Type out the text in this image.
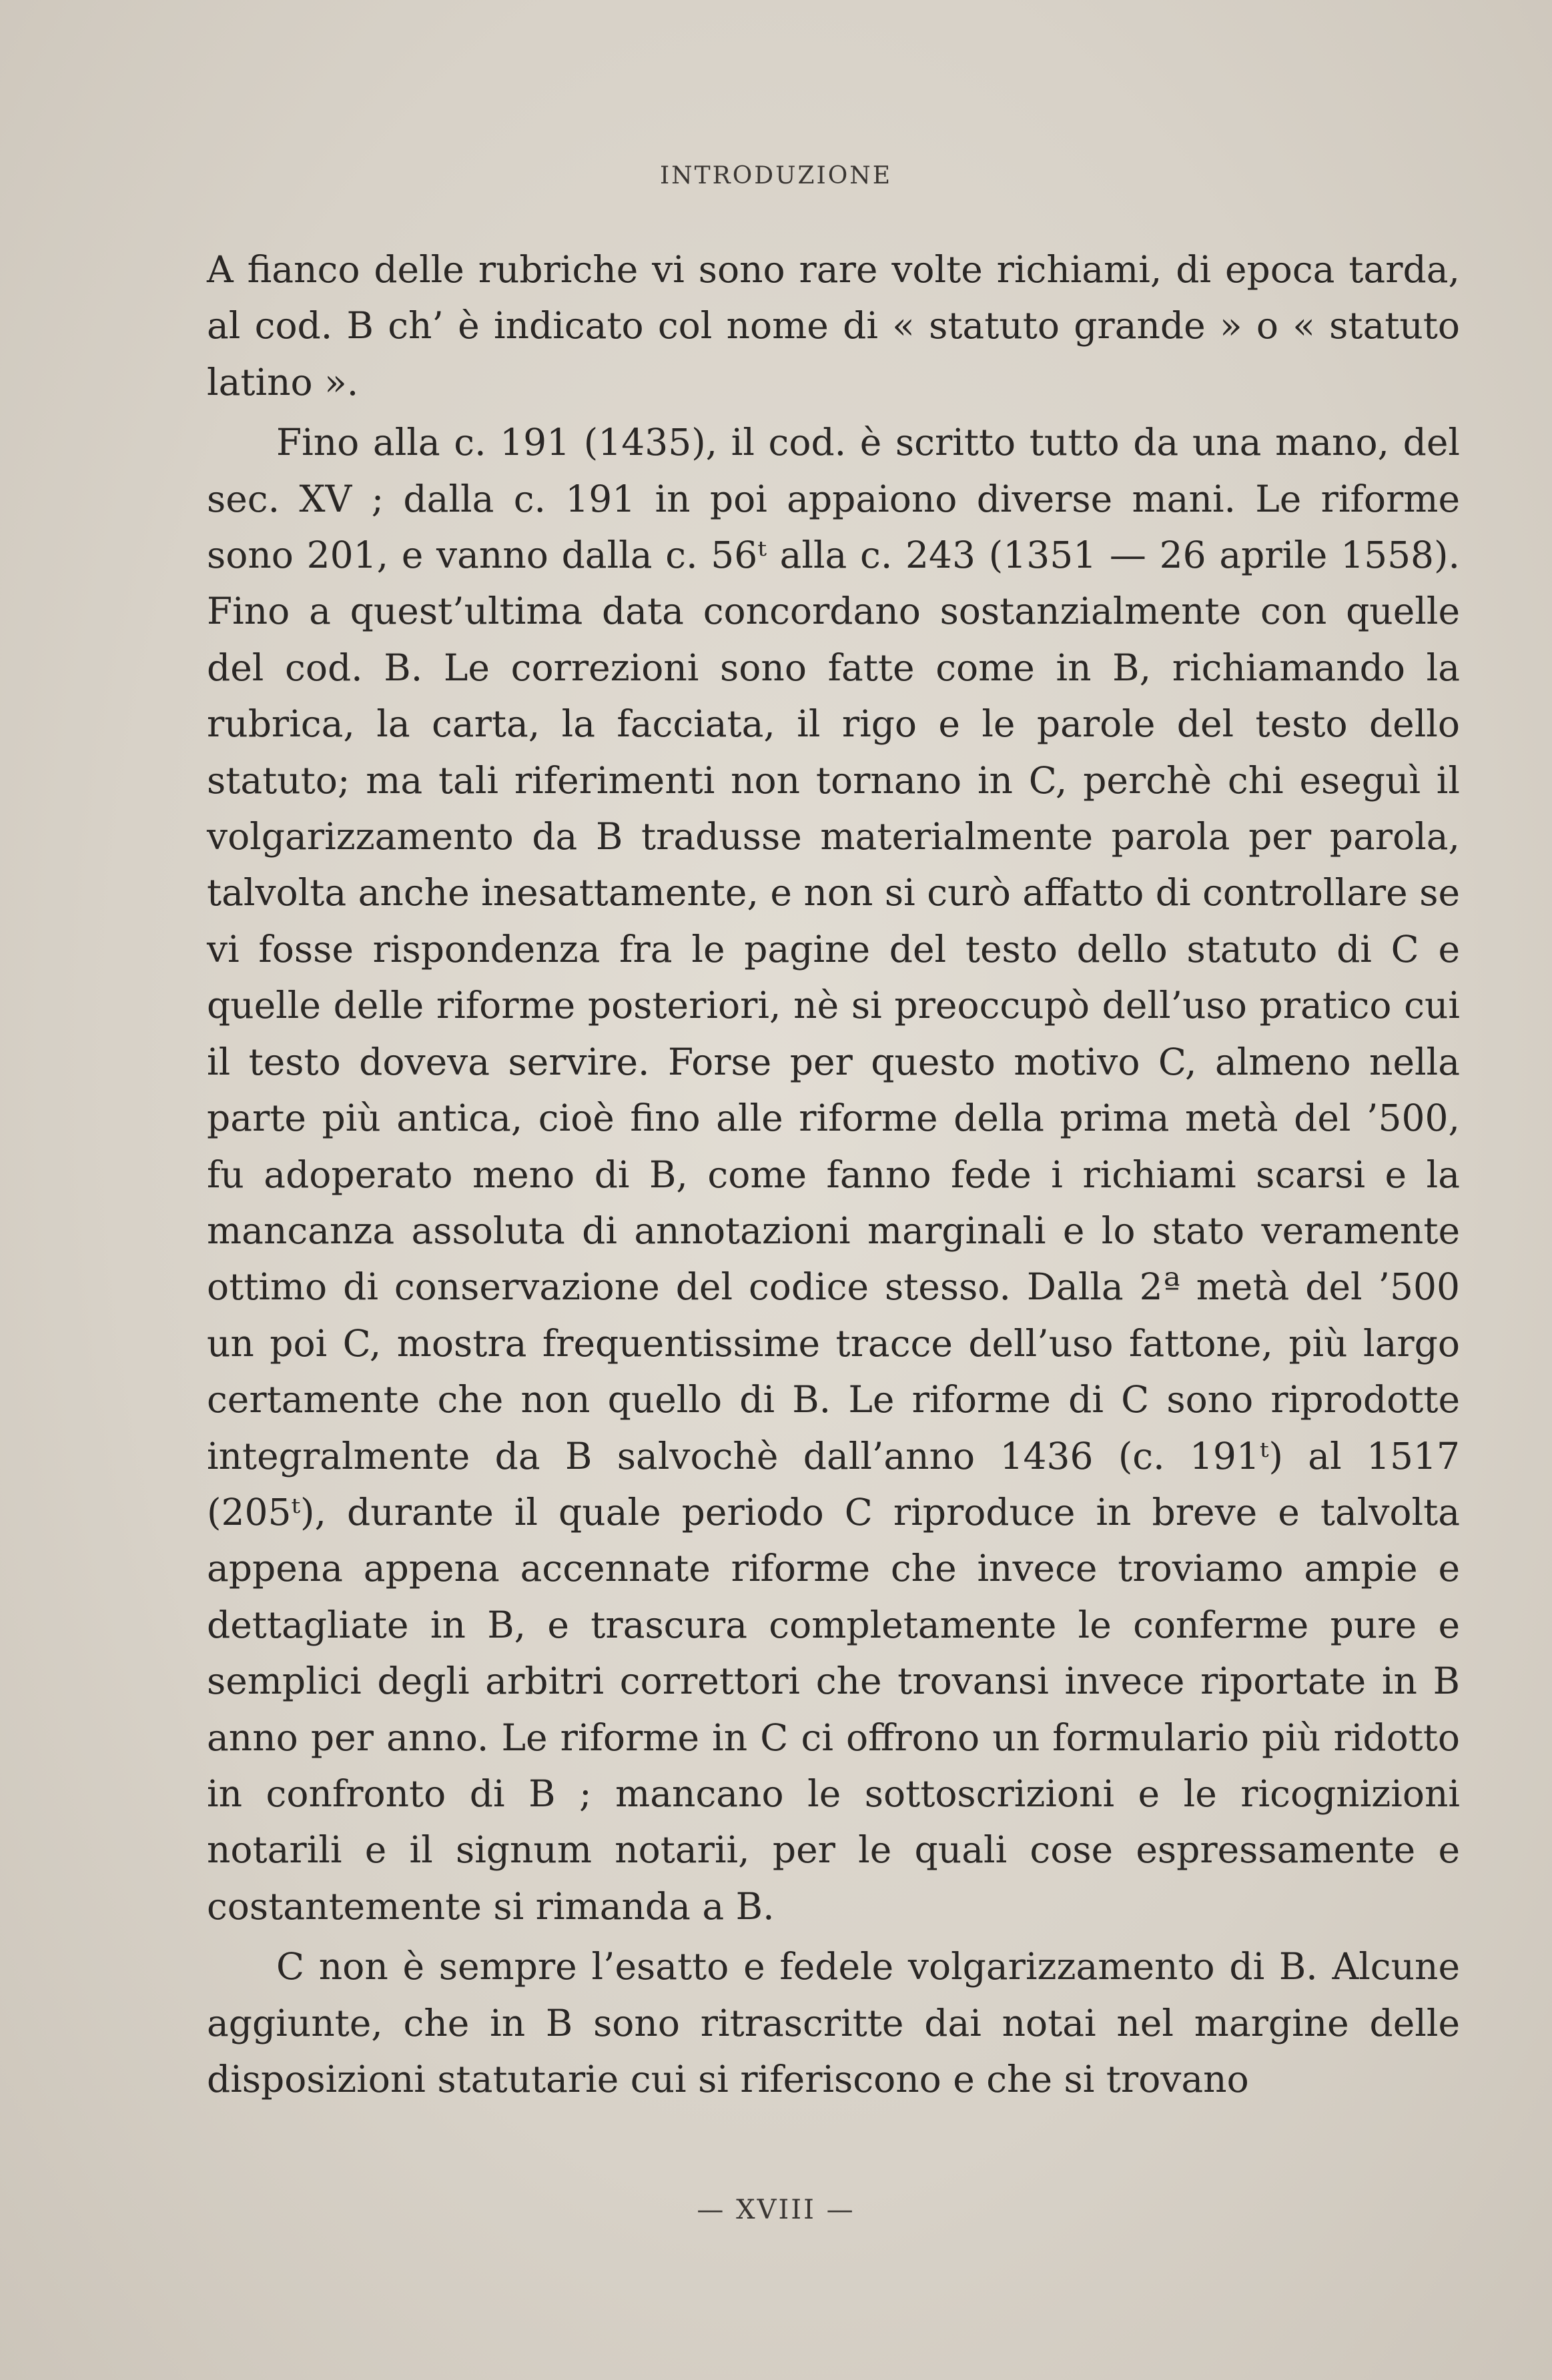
INTRODUZIONE

A fianco delle rubriche vi sono rare volte richiami, di epoca tarda, al cod. B ch’ è indicato col nome di « statuto grande » o « statuto latino ».

Fino alla c. 191 (1435), il cod. è scritto tutto da una mano, del sec. XV ; dalla c. 191 in poi appaiono diverse mani. Le riforme sono 201, e vanno dalla c. 56ᵗ alla c. 243 (1351 — 26 aprile 1558). Fino a quest’ultima data concordano sostanzialmente con quelle del cod. B. Le correzioni sono fatte come in B, richiamando la rubrica, la carta, la facciata, il rigo e le parole del testo dello statuto; ma tali riferimenti non tornano in C, perchè chi eseguì il volgarizzamento da B tradusse materialmente parola per parola, talvolta anche inesattamente, e non si curò affatto di controllare se vi fosse rispondenza fra le pagine del testo dello statuto di C e quelle delle riforme posteriori, nè si preoccupò dell’uso pratico cui il testo doveva servire. Forse per questo motivo C, almeno nella parte più antica, cioè fino alle riforme della prima metà del ’500, fu adoperato meno di B, come fanno fede i richiami scarsi e la mancanza assoluta di annotazioni marginali e lo stato veramente ottimo di conservazione del codice stesso. Dalla 2ª metà del ’500 un poi C, mostra frequentissime tracce dell’uso fattone, più largo certamente che non quello di B. Le riforme di C sono riprodotte integralmente da B salvochè dall’anno 1436 (c. 191ᵗ) al 1517 (205ᵗ), durante il quale periodo C riproduce in breve e talvolta appena appena accennate riforme che invece troviamo ampie e dettagliate in B, e trascura completamente le conferme pure e semplici degli arbitri correttori che trovansi invece riportate in B anno per anno. Le riforme in C ci offrono un formulario più ridotto in confronto di B ; mancano le sottoscrizioni e le ricognizioni notarili e il signum notarii, per le quali cose espressamente e costantemente si rimanda a B.

C non è sempre l’esatto e fedele volgarizzamento di B. Alcune aggiunte, che in B sono ritrascritte dai notai nel margine delle disposizioni statutarie cui si riferiscono e che si trovano

— XVIII —
